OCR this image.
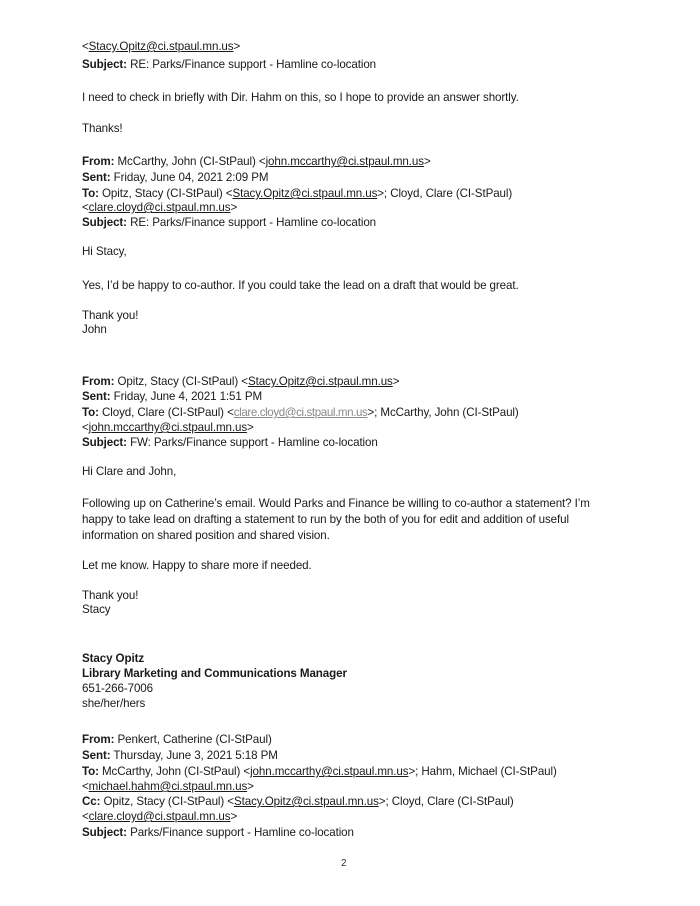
<Stacy.Opitz@ci.stpaul.mn.us>
Subject: RE: Parks/Finance support - Hamline co-location
I need to check in briefly with Dir. Hahm on this, so I hope to provide an answer shortly.
Thanks!
From: McCarthy, John (CI-StPaul) <john.mccarthy@ci.stpaul.mn.us>
Sent: Friday, June 04, 2021 2:09 PM
To: Opitz, Stacy (CI-StPaul) <Stacy.Opitz@ci.stpaul.mn.us>; Cloyd, Clare (CI-StPaul)
<clare.cloyd@ci.stpaul.mn.us>
Subject: RE: Parks/Finance support - Hamline co-location
Hi Stacy,
Yes, I’d be happy to co-author. If you could take the lead on a draft that would be great.
Thank you!
John
From: Opitz, Stacy (CI-StPaul) <Stacy.Opitz@ci.stpaul.mn.us>
Sent: Friday, June 4, 2021 1:51 PM
To: Cloyd, Clare (CI-StPaul) <clare.cloyd@ci.stpaul.mn.us>; McCarthy, John (CI-StPaul)
<john.mccarthy@ci.stpaul.mn.us>
Subject: FW: Parks/Finance support - Hamline co-location
Hi Clare and John,
Following up on Catherine’s email. Would Parks and Finance be willing to co-author a statement? I’m
happy to take lead on drafting a statement to run by the both of you for edit and addition of useful
information on shared position and shared vision.
Let me know. Happy to share more if needed.
Thank you!
Stacy
Stacy Opitz
Library Marketing and Communications Manager
651-266-7006
she/her/hers
From: Penkert, Catherine (CI-StPaul)
Sent: Thursday, June 3, 2021 5:18 PM
To: McCarthy, John (CI-StPaul) <john.mccarthy@ci.stpaul.mn.us>; Hahm, Michael (CI-StPaul)
<michael.hahm@ci.stpaul.mn.us>
Cc: Opitz, Stacy (CI-StPaul) <Stacy.Opitz@ci.stpaul.mn.us>; Cloyd, Clare (CI-StPaul)
<clare.cloyd@ci.stpaul.mn.us>
Subject: Parks/Finance support - Hamline co-location
2
